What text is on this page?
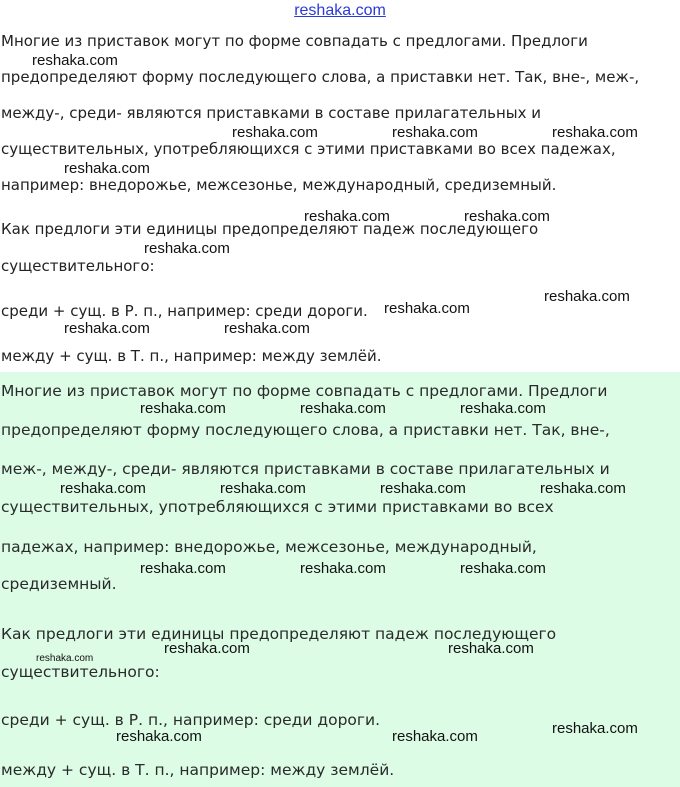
reshaka.com
Многие из приставок могут по форме совпадать с предлогами. Предлоги
предопределяют форму последующего слова, а приставки нет. Так, вне-, меж-,
между-, среди- являются приставками в составе прилагательных и
существительных, употребляющихся с этими приставками во всех падежах,
например: внедорожье, межсезонье, международный, средиземный.
Как предлоги эти единицы предопределяют падеж последующего
существительного:
среди + сущ. в Р. п., например: среди дороги.
между + сущ. в Т. п., например: между землёй.
reshaka.com
reshaka.com	reshaka.com	reshaka.com
reshaka.com
reshaka.com	reshaka.com
reshaka.com
reshaka.com
reshaka.com
reshaka.com	reshaka.com
Многие из приставок могут по форме совпадать с предлогами. Предлоги
предопределяют форму последующего слова, а приставки нет. Так, вне-,
меж-, между-, среди- являются приставками в составе прилагательных и
существительных, употребляющихся с этими приставками во всех
падежах, например: внедорожье, межсезонье, международный,
средиземный.
Как предлоги эти единицы предопределяют падеж последующего
существительного:
среди + сущ. в Р. п., например: среди дороги.
между + сущ. в Т. п., например: между землёй.
reshaka.com	reshaka.com	reshaka.com
reshaka.com	reshaka.com	reshaka.com	reshaka.com
reshaka.com	reshaka.com	reshaka.com
reshaka.com	reshaka.com
reshaka.com
reshaka.com
reshaka.com	reshaka.com
